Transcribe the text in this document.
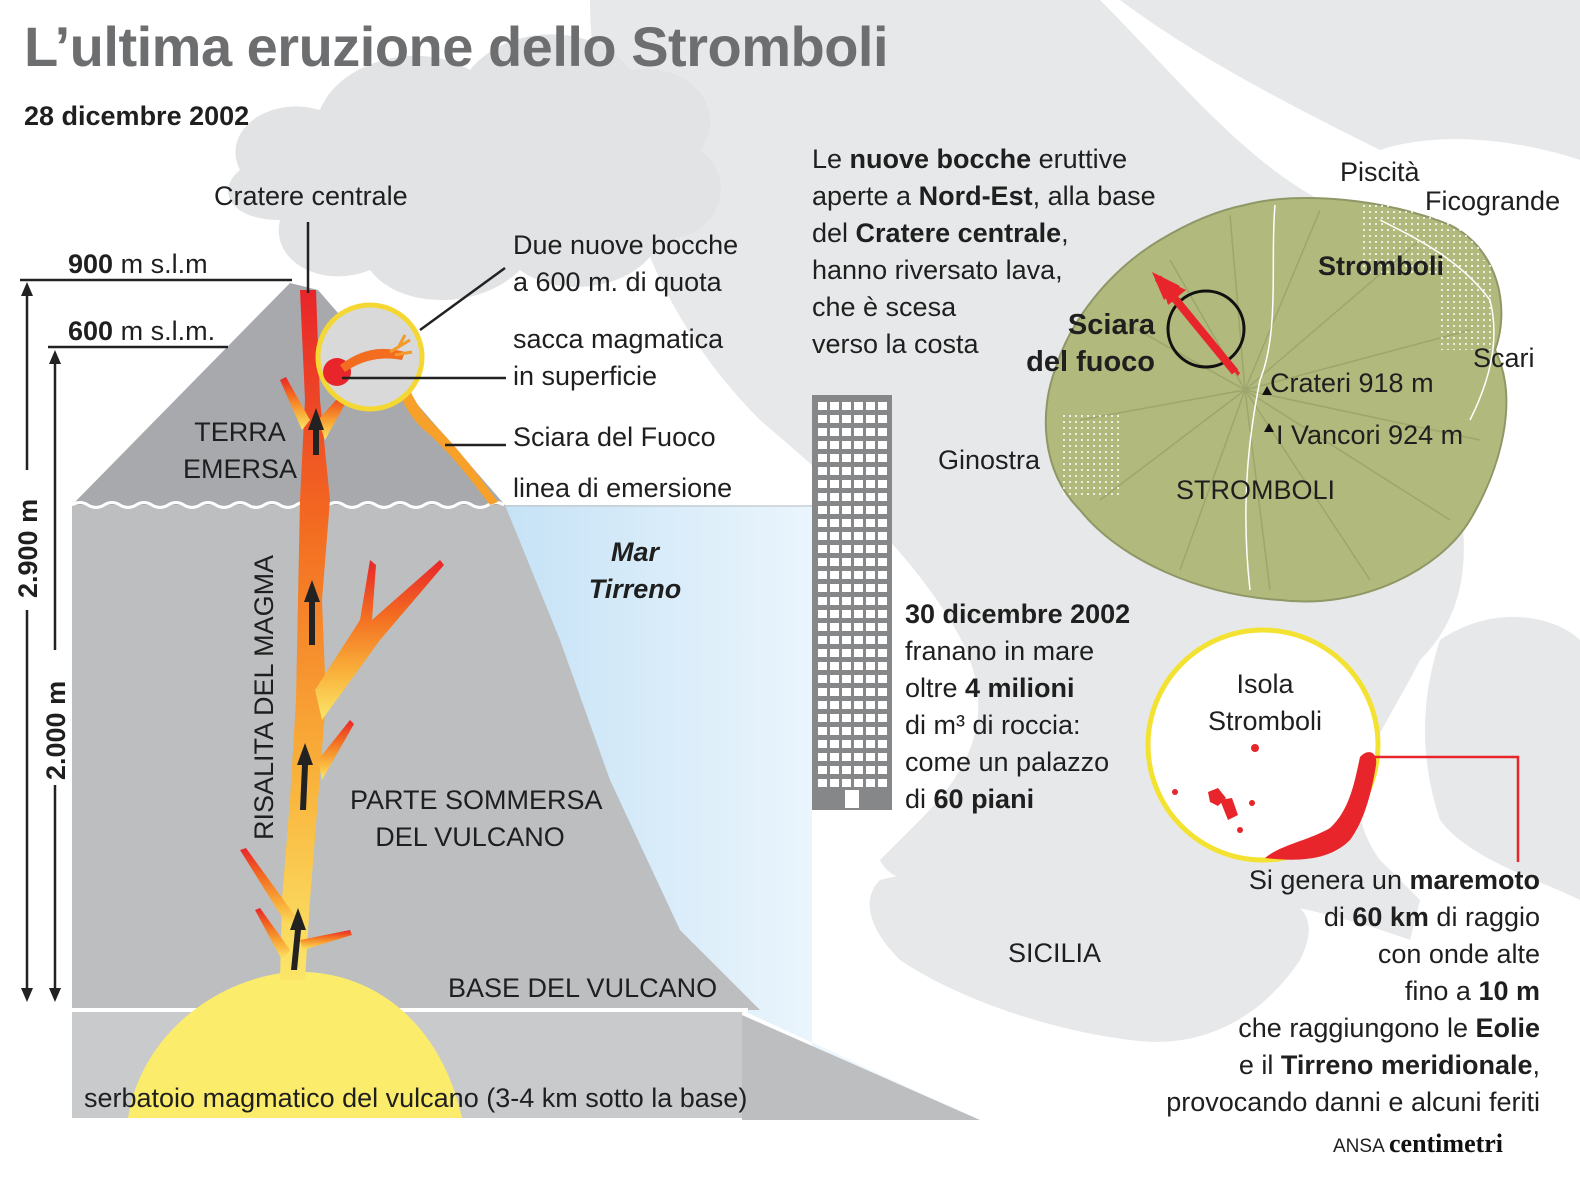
L’ultima eruzione dello Stromboli
28 dicembre 2002
Cratere centrale
900 m s.l.m
600 m s.l.m.
Due nuove bocche
a 600 m. di quota
sacca magmatica
in superficie
Sciara del Fuoco
linea di emersione
TERRA
EMERSA
Mar
Tirreno
PARTE SOMMERSA
DEL VULCANO
BASE DEL VULCANO
serbatoio magmatico del vulcano (3-4 km sotto la base)
RISALITA DEL MAGMA
2.900 m
2.000 m
Le nuove bocche eruttive
aperte a Nord-Est, alla base
del Cratere centrale,
hanno riversato lava,
che è scesa
verso la costa
30 dicembre 2002
franano in mare
oltre 4 milioni
di m³ di roccia:
come un palazzo
di 60 piani
Si genera un maremoto
di 60 km di raggio
con onde alte
fino a 10 m
che raggiungono le Eolie
e il Tirreno meridionale,
provocando danni e alcuni feriti
Piscità
Ficogrande
Stromboli
Sciara
del fuoco	Scari
Crateri 918 m
I Vancori 924 m
Ginostra
STROMBOLI
Isola
Stromboli
SICILIA
ANSA centimetri
